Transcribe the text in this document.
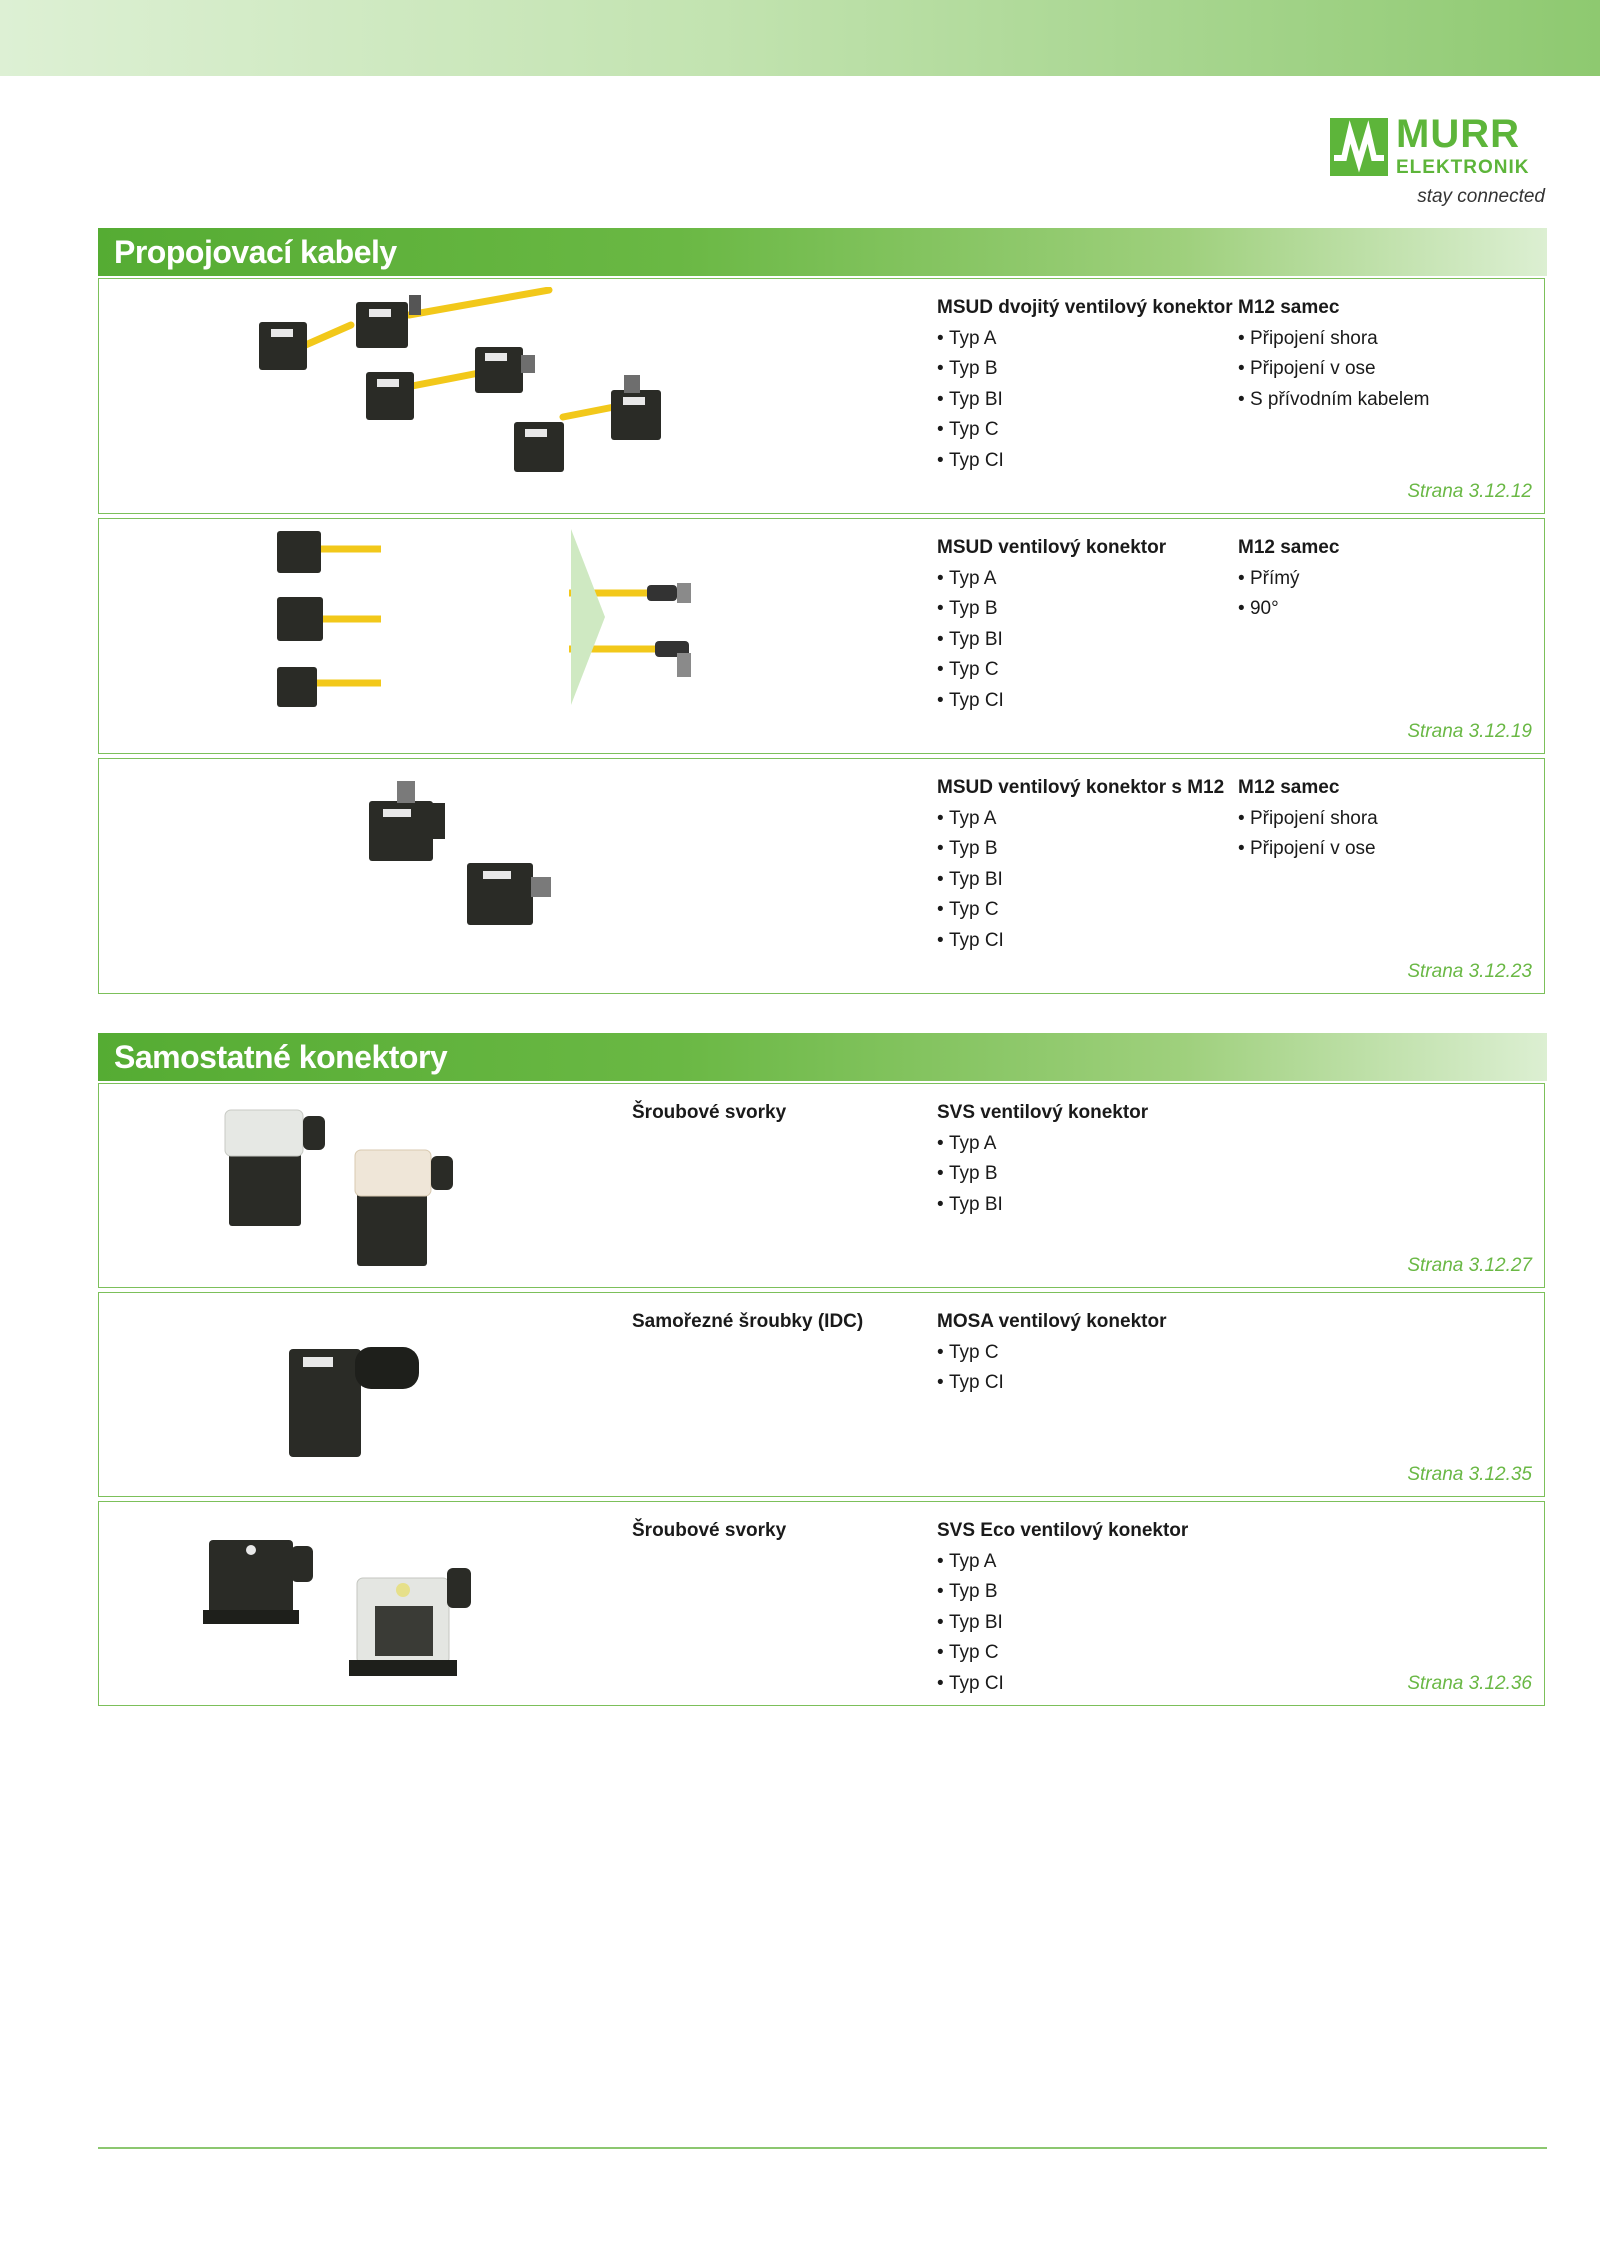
MURR
ELEKTRONIK
stay connected
Propojovací kabely
MSUD dvojitý ventilový konektor
• Typ A
• Typ B
• Typ BI
• Typ C
• Typ CI
M12 samec
• Připojení shora
• Připojení v ose
• S přívodním kabelem
Strana 3.12.12
MSUD ventilový konektor
• Typ A
• Typ B
• Typ BI
• Typ C
• Typ CI
M12 samec
• Přímý
• 90°
Strana 3.12.19
MSUD ventilový konektor s M12
• Typ A
• Typ B
• Typ BI
• Typ C
• Typ CI
M12 samec
• Připojení shora
• Připojení v ose
Strana 3.12.23
Samostatné konektory
Šroubové svorky	SVS ventilový konektor
• Typ A
• Typ B
• Typ BI
Strana 3.12.27
Samořezné šroubky (IDC)	MOSA ventilový konektor
• Typ C
• Typ CI
Strana 3.12.35
Šroubové svorky	SVS Eco ventilový konektor
• Typ A
• Typ B
• Typ BI
• Typ C
• Typ CI	Strana 3.12.36
